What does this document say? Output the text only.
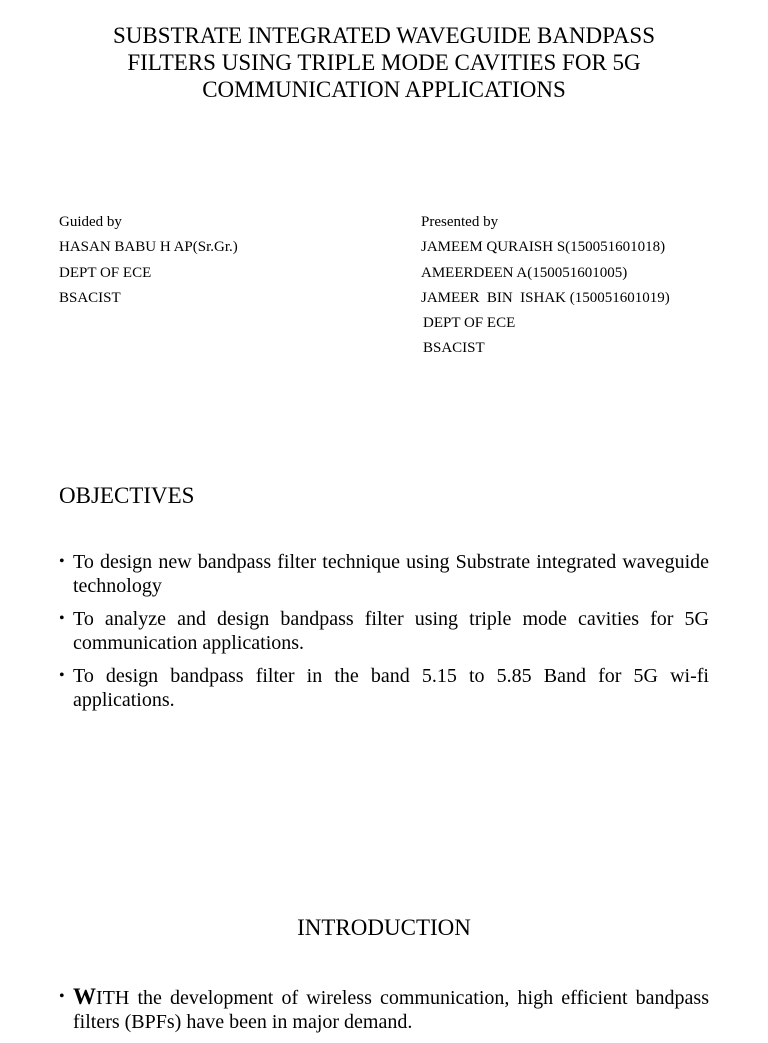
SUBSTRATE INTEGRATED WAVEGUIDE BANDPASS
FILTERS USING TRIPLE MODE CAVITIES FOR 5G
COMMUNICATION APPLICATIONS
Guided by
HASAN BABU H AP(Sr.Gr.)
DEPT OF ECE
BSACIST
Presented by
JAMEEM QURAISH S(150051601018)
AMEERDEEN A(150051601005)
JAMEER  BIN  ISHAK (150051601019)
DEPT OF ECE
BSACIST
OBJECTIVES
• To design new bandpass filter technique using Substrate integrated waveguide technology
• To analyze and design bandpass filter using triple mode cavities for 5G communication applications.
• To design bandpass filter in the band 5.15 to 5.85 Band for 5G wi-fi applications.
INTRODUCTION
• WITH the development of wireless communication, high efficient bandpass filters (BPFs) have been in major demand.
